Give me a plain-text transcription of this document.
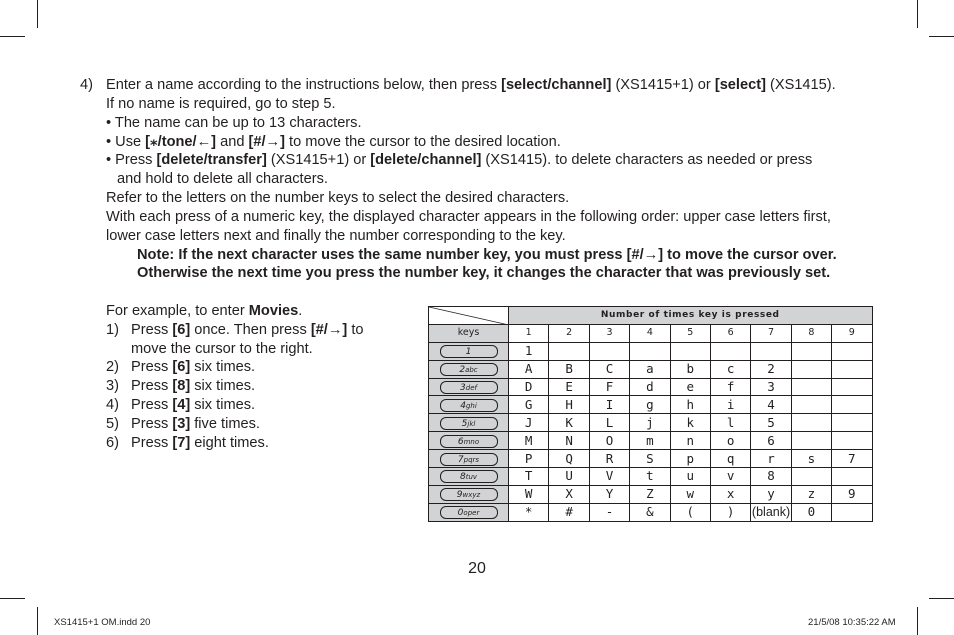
4) Enter a name according to the instructions below, then press [select/channel] (XS1415+1) or [select] (XS1415).
If no name is required, go to step 5.
• The name can be up to 13 characters.
• Use [⁎/tone/←] and [#/→] to move the cursor to the desired location.
• Press [delete/transfer] (XS1415+1) or [delete/channel] (XS1415). to delete characters as needed or press
and hold to delete all characters.
Refer to the letters on the number keys to select the desired characters.
With each press of a numeric key, the displayed character appears in the following order: upper case letters first,
lower case letters next and finally the number corresponding to the key.
Note: If the next character uses the same number key, you must press [#/→] to move the cursor over.
Otherwise the next time you press the number key, it changes the character that was previously set.
For example, to enter Movies.
1) Press [6] once. Then press [#/→] to
move the cursor to the right.
2) Press [6] six times.
3) Press [8] six times.
4) Press [4] six times.
5) Press [3] five times.
6) Press [7] eight times.
	Number of times key is pressed								
keys	1	2	3	4	5	6	7	8	9
1	1								
2abc	A	B	C	a	b	c	2		
3def	D	E	F	d	e	f	3		
4ghi	G	H	I	g	h	i	4		
5jkl	J	K	L	j	k	l	5		
6mno	M	N	O	m	n	o	6		
7pqrs	P	Q	R	S	p	q	r	s	7
8tuv	T	U	V	t	u	v	8		
9wxyz	W	X	Y	Z	w	x	y	z	9
0oper	*	#	-	&	(	)	(blank)	0	
20
XS1415+1 OM.indd 20	21/5/08 10:35:22 AM
